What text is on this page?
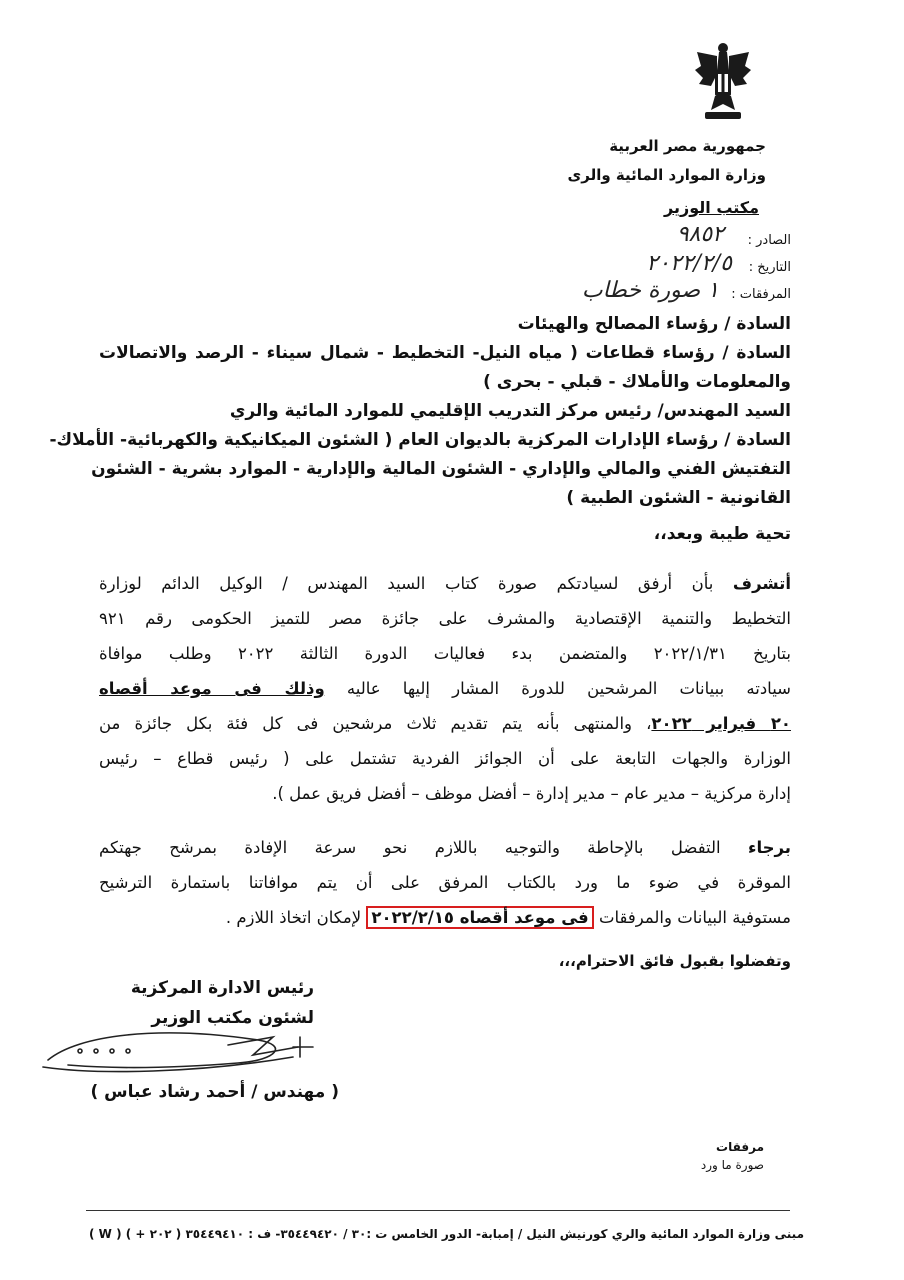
جمهورية مصر العربية
وزارة الموارد المائية والرى
مكتب الوزير
الصادر :
٩٨٥٢
التاريخ :
٢٠٢٢/٢/٥
المرفقات :
١ صورة خطاب
السادة / رؤساء المصالح والهيئات
السادة / رؤساء قطاعات ( مياه النيل- التخطيط - شمال سيناء - الرصد والاتصالات
والمعلومات والأملاك - قبلي - بحرى )
السيد المهندس/ رئيس مركز التدريب الإقليمي للموارد المائية والري
السادة / رؤساء الإدارات المركزية بالديوان العام ( الشئون الميكانيكية والكهربائية- الأملاك-
التفتيش الفني والمالي والإداري - الشئون المالية والإدارية - الموارد بشرية - الشئون
القانونية - الشئون الطبية )
تحية طيبة وبعد،،
أتشرف بأن أرفق لسيادتكم صورة كتاب السيد المهندس / الوكيل الدائم لوزارة
التخطيط والتنمية الإقتصادية والمشرف على جائزة مصر للتميز الحكومى رقم ٩٢١
بتاريخ ٢٠٢٢/١/٣١ والمتضمن بدء فعاليات الدورة الثالثة ٢٠٢٢ وطلب موافاة
سيادته ببيانات المرشحين للدورة المشار إليها عاليه وذلك فى موعد أقصاه
٢٠ فبراير ٢٠٢٢، والمنتهى بأنه يتم تقديم ثلاث مرشحين فى كل فئة بكل جائزة من
الوزارة والجهات التابعة على أن الجوائز الفردية تشتمل على ( رئيس قطاع – رئيس
إدارة مركزية – مدير عام – مدير إدارة – أفضل موظف – أفضل فريق عمل ).
برجاء التفضل بالإحاطة والتوجيه باللازم نحو سرعة الإفادة بمرشح جهتكم
الموقرة في ضوء ما ورد بالكتاب المرفق على أن يتم موافاتنا باستمارة الترشيح
مستوفية البيانات والمرفقات فى موعد أقصاه ٢٠٢٢/٢/١٥ لإمكان اتخاذ اللازم .
وتفضلوا بقبول فائق الاحترام،،،
رئيس الادارة المركزية
لشئون مكتب الوزير
( مهندس / أحمد رشاد عباس )
مرفقات
صورة ما ورد
مبنى وزارة الموارد المائية والري كورنيش النيل / إمبابة- الدور الخامس ت :٣٠ / ٣٥٤٤٩٤٢٠- ف : ٣٥٤٤٩٤١٠ ( ٢٠٢ + ) ( W )
